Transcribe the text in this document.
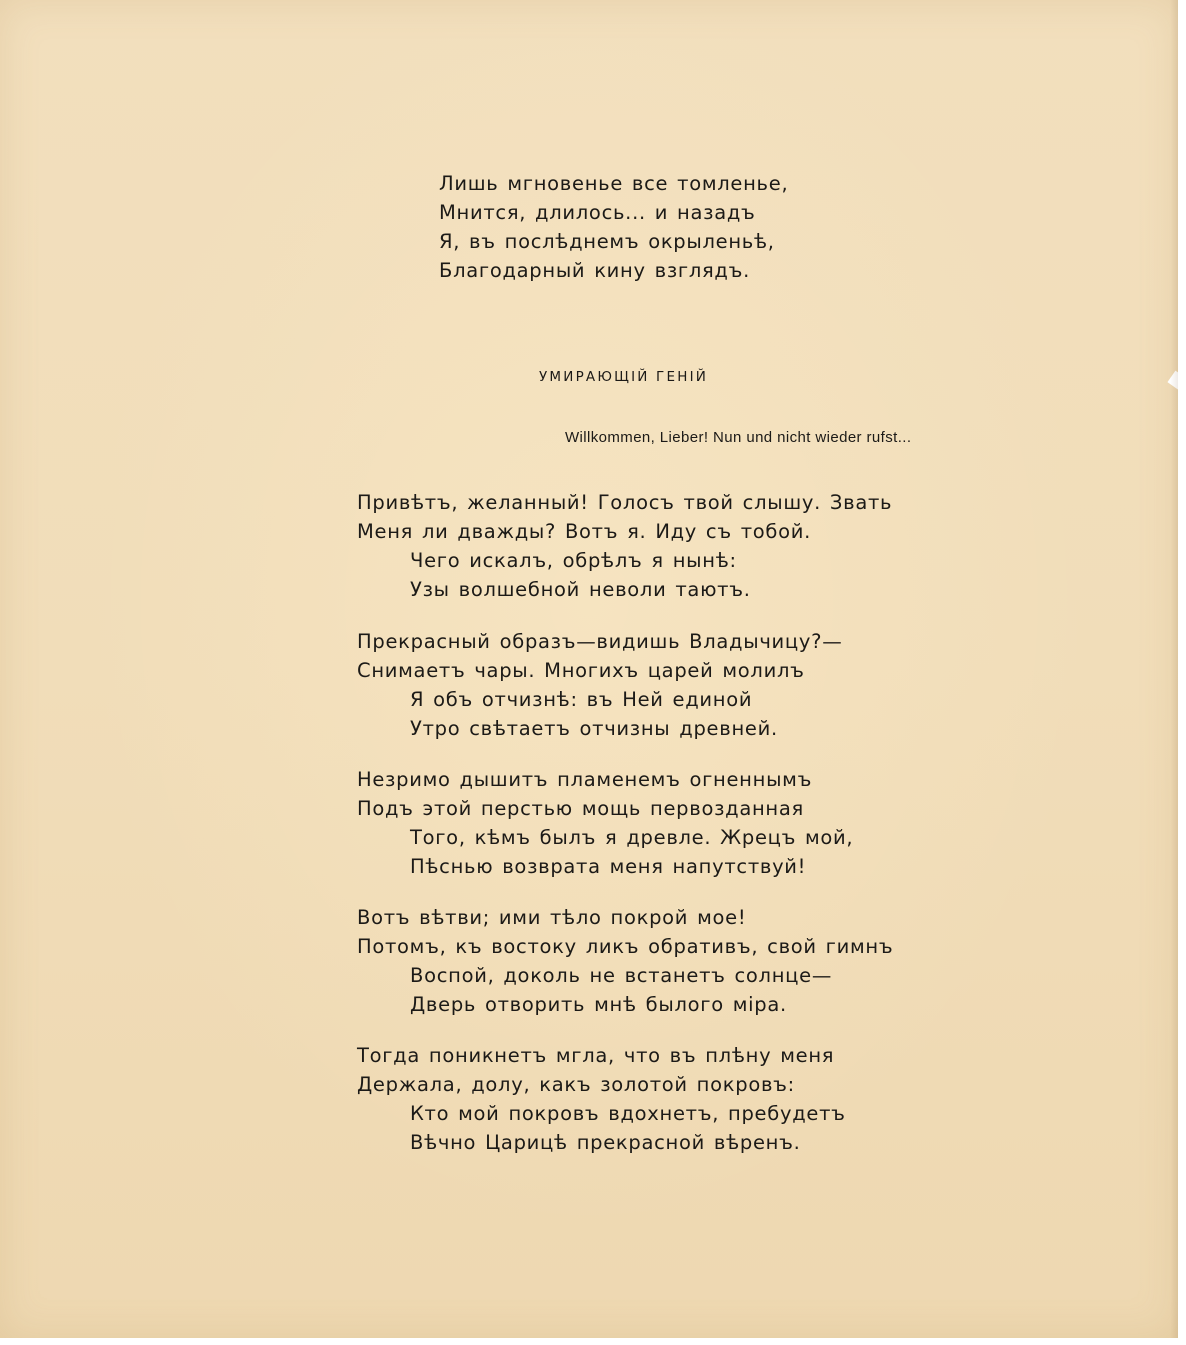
Лишь мгновенье все томленье,
Мнится, длилось... и назадъ
Я, въ послѣднемъ окрыленьѣ,
Благодарный кину взглядъ.
УМИРАЮЩІЙ ГЕНІЙ
Willkommen, Lieber! Nun und nicht wieder rufst...
Привѣтъ, желанный! Голосъ твой слышу. Звать
Меня ли дважды? Вотъ я. Иду съ тобой.
Чего искалъ, обрѣлъ я нынѣ:
Узы волшебной неволи таютъ.
Прекрасный образъ—видишь Владычицу?—
Снимаетъ чары. Многихъ царей молилъ
Я объ отчизнѣ: въ Ней единой
Утро свѣтаетъ отчизны древней.
Незримо дышитъ пламенемъ огненнымъ
Подъ этой перстью мощь первозданная
Того, кѣмъ былъ я древле. Жрецъ мой,
Пѣснью возврата меня напутствуй!
Вотъ вѣтви; ими тѣло покрой мое!
Потомъ, къ востоку ликъ обративъ, свой гимнъ
Воспой, доколь не встанетъ солнце—
Дверь отворить мнѣ былого міра.
Тогда поникнетъ мгла, что въ плѣну меня
Держала, долу, какъ золотой покровъ:
Кто мой покровъ вдохнетъ, пребудетъ
Вѣчно Царицѣ прекрасной вѣренъ.
